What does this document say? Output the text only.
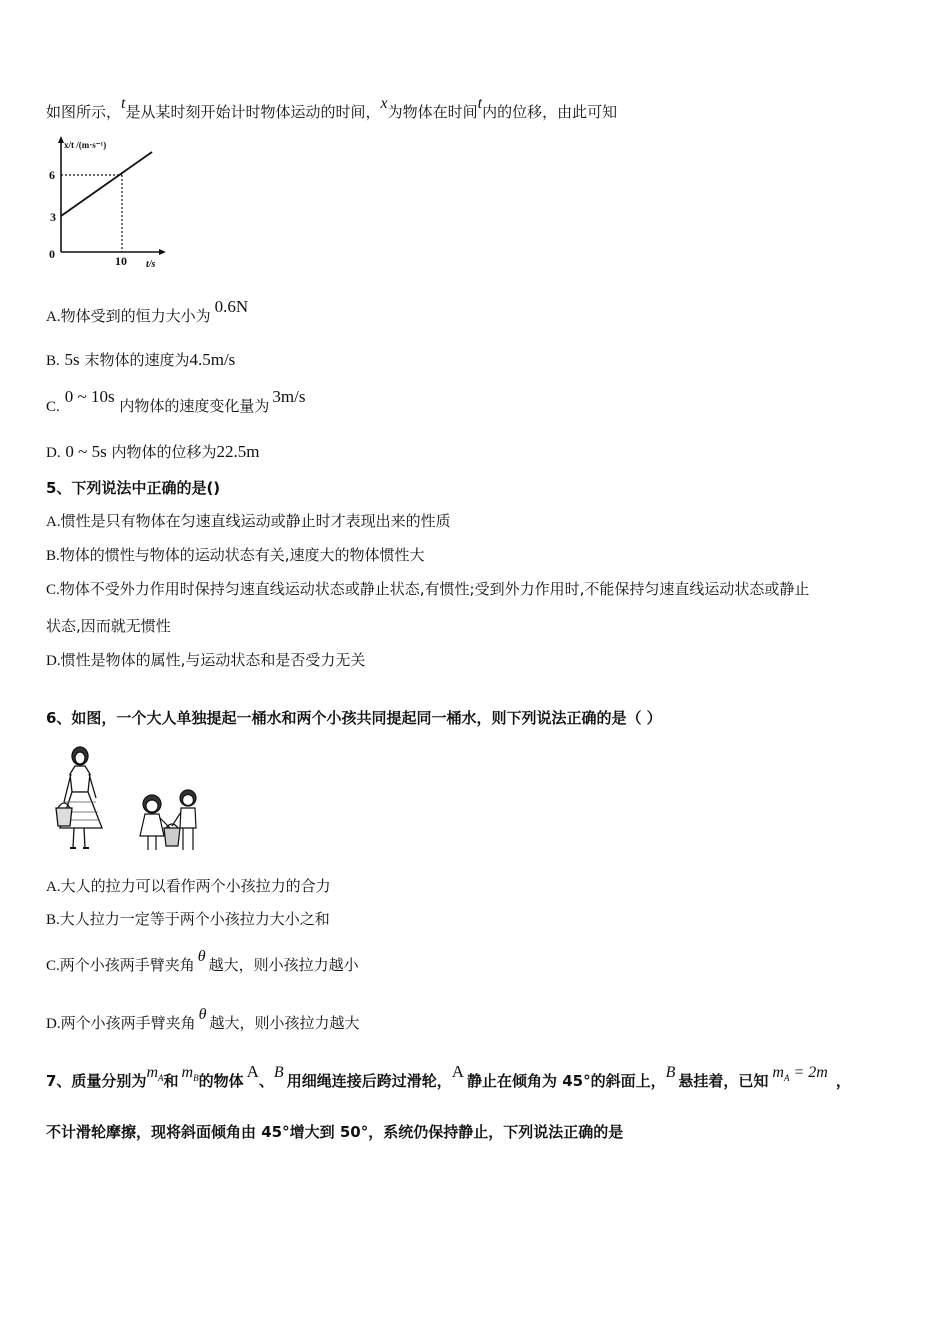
如图所示，t是从某时刻开始计时物体运动的时间，x为物体在时间t内的位移，由此可知
x/t /(m·s⁻¹)
6
3
0	10 t/s
A.物体受到的恒力大小为 0.6N
B. 5s 末物体的速度为4.5m/s
C.0 ~ 10s 内物体的速度变化量为 3m/s
D. 0 ~ 5s 内物体的位移为22.5m
5、下列说法中正确的是()
A.惯性是只有物体在匀速直线运动或静止时才表现出来的性质
B.物体的惯性与物体的运动状态有关,速度大的物体惯性大
C.物体不受外力作用时保持匀速直线运动状态或静止状态,有惯性;受到外力作用时,不能保持匀速直线运动状态或静止
状态,因而就无惯性
D.惯性是物体的属性,与运动状态和是否受力无关
6、如图，一个大人单独提起一桶水和两个小孩共同提起同一桶水，则下列说法正确的是（ ）
A.大人的拉力可以看作两个小孩拉力的合力
B.大人拉力一定等于两个小孩拉力大小之和
C.两个小孩两手臂夹角 θ 越大，则小孩拉力越小
D.两个小孩两手臂夹角 θ 越大，则小孩拉力越大
7、质量分别为$m_A$和 $m_B$的物体 A、B 用细绳连接后跨过滑轮，A 静止在倾角为 45°的斜面上，B 悬挂着，已知 $m_A = 2m$ ，
不计滑轮摩擦，现将斜面倾角由 45°增大到 50°，系统仍保持静止，下列说法正确的是
